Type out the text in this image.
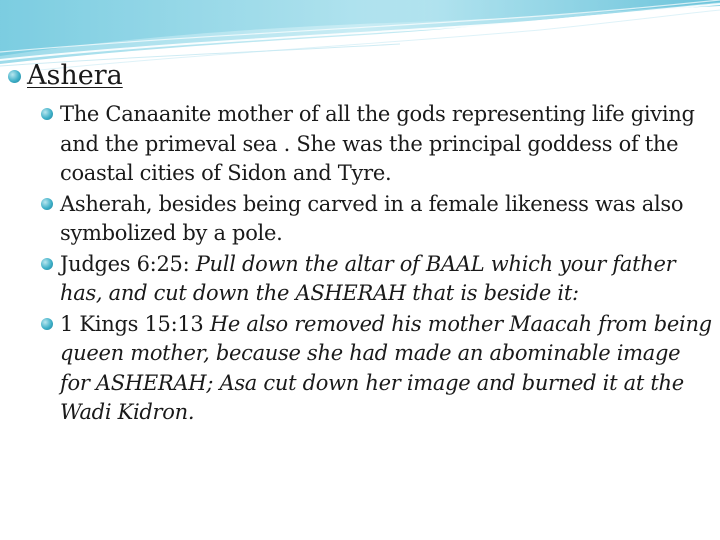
Ashera
The Canaanite mother of all the gods representing life giving and the primeval sea . She was the principal goddess of the coastal cities of Sidon and Tyre.
Asherah, besides being carved in a female likeness was also symbolized by a pole.
Judges 6:25: Pull down the altar of BAAL which your father has, and cut down the ASHERAH that is beside it:
1 Kings 15:13 He also removed his mother Maacah from being queen mother, because she had made an abominable image for ASHERAH; Asa cut down her image and burned it at the Wadi Kidron.
